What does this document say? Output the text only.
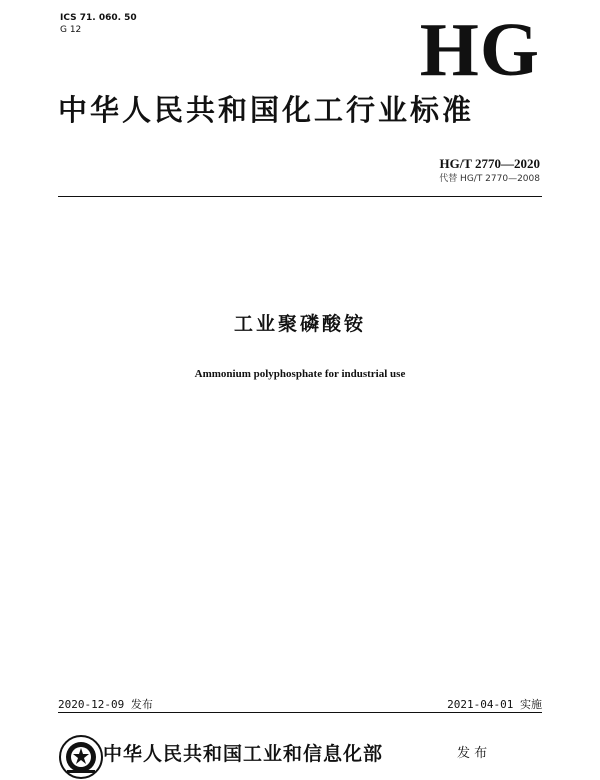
ICS 71. 060. 50
G 12	HG
中华人民共和国化工行业标准
HG/T 2770—2020
代替 HG/T 2770—2008
工业聚磷酸铵
Ammonium polyphosphate for industrial use
2020-12-09 发布	2021-04-01 实施
中华人民共和国工业和信息化部	发 布
